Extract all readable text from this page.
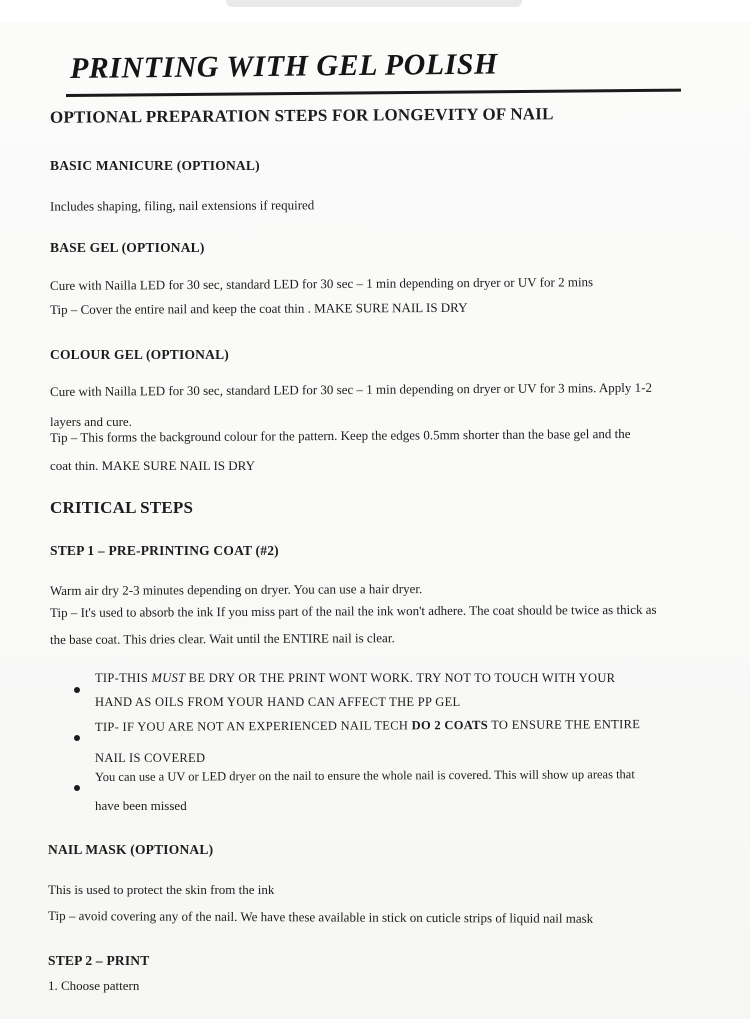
PRINTING WITH GEL POLISH
OPTIONAL PREPARATION STEPS FOR LONGEVITY OF NAIL
BASIC MANICURE (OPTIONAL)
Includes shaping, filing, nail extensions if required
BASE GEL (OPTIONAL)
Cure with Nailla LED for 30 sec, standard LED for 30 sec – 1 min depending on dryer or UV for 2 mins
Tip – Cover the entire nail and keep the coat thin . MAKE SURE NAIL IS DRY
COLOUR GEL (OPTIONAL)
Cure with Nailla LED for 30 sec, standard LED for 30 sec – 1 min depending on dryer or UV for 3 mins. Apply 1-2
layers and cure.
Tip – This forms the background colour for the pattern. Keep the edges 0.5mm shorter than the base gel and the
coat thin. MAKE SURE NAIL IS DRY
CRITICAL STEPS
STEP 1 – PRE-PRINTING COAT (#2)
Warm air dry 2-3 minutes depending on dryer. You can use a hair dryer.
Tip – It's used to absorb the ink If you miss part of the nail the ink won't adhere. The coat should be twice as thick as
the base coat. This dries clear. Wait until the ENTIRE nail is clear.
TIP-THIS MUST BE DRY OR THE PRINT WONT WORK. TRY NOT TO TOUCH WITH YOUR
HAND AS OILS FROM YOUR HAND CAN AFFECT THE PP GEL
TIP- IF YOU ARE NOT AN EXPERIENCED NAIL TECH DO 2 COATS TO ENSURE THE ENTIRE
NAIL IS COVERED
You can use a UV or LED dryer on the nail to ensure the whole nail is covered. This will show up areas that
have been missed
NAIL MASK (OPTIONAL)
This is used to protect the skin from the ink
Tip – avoid covering any of the nail. We have these available in stick on cuticle strips of liquid nail mask
STEP 2 – PRINT
1. Choose pattern
